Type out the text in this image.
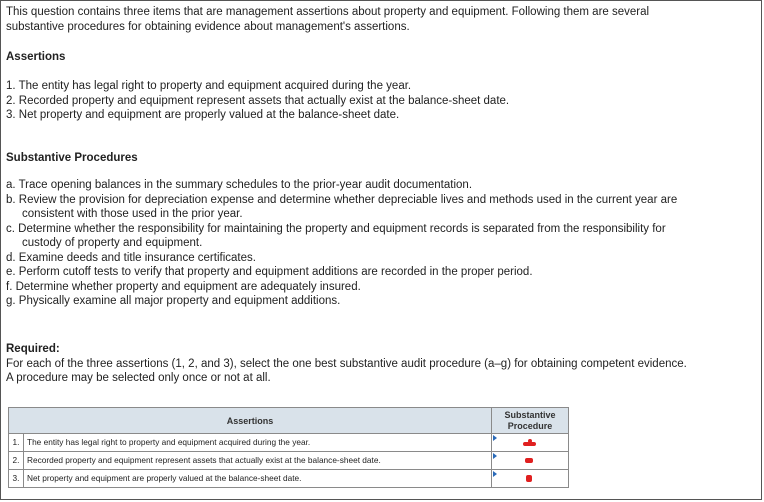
This question contains three items that are management assertions about property and equipment. Following them are several
substantive procedures for obtaining evidence about management's assertions.
Assertions
1. The entity has legal right to property and equipment acquired during the year.
2. Recorded property and equipment represent assets that actually exist at the balance-sheet date.
3. Net property and equipment are properly valued at the balance-sheet date.
Substantive Procedures
a. Trace opening balances in the summary schedules to the prior-year audit documentation.
b. Review the provision for depreciation expense and determine whether depreciable lives and methods used in the current year are
consistent with those used in the prior year.
c. Determine whether the responsibility for maintaining the property and equipment records is separated from the responsibility for
custody of property and equipment.
d. Examine deeds and title insurance certificates.
e. Perform cutoff tests to verify that property and equipment additions are recorded in the proper period.
f. Determine whether property and equipment are adequately insured.
g. Physically examine all major property and equipment additions.
Required:
For each of the three assertions (1, 2, and 3), select the one best substantive audit procedure (a–g) for obtaining competent evidence.
A procedure may be selected only once or not at all.
Assertions	Substantive
Procedure

1. The entity has legal right to property and equipment acquired during the year.	

2. Recorded property and equipment represent assets that actually exist at the balance-sheet date.	

3. Net property and equipment are properly valued at the balance-sheet date.	
